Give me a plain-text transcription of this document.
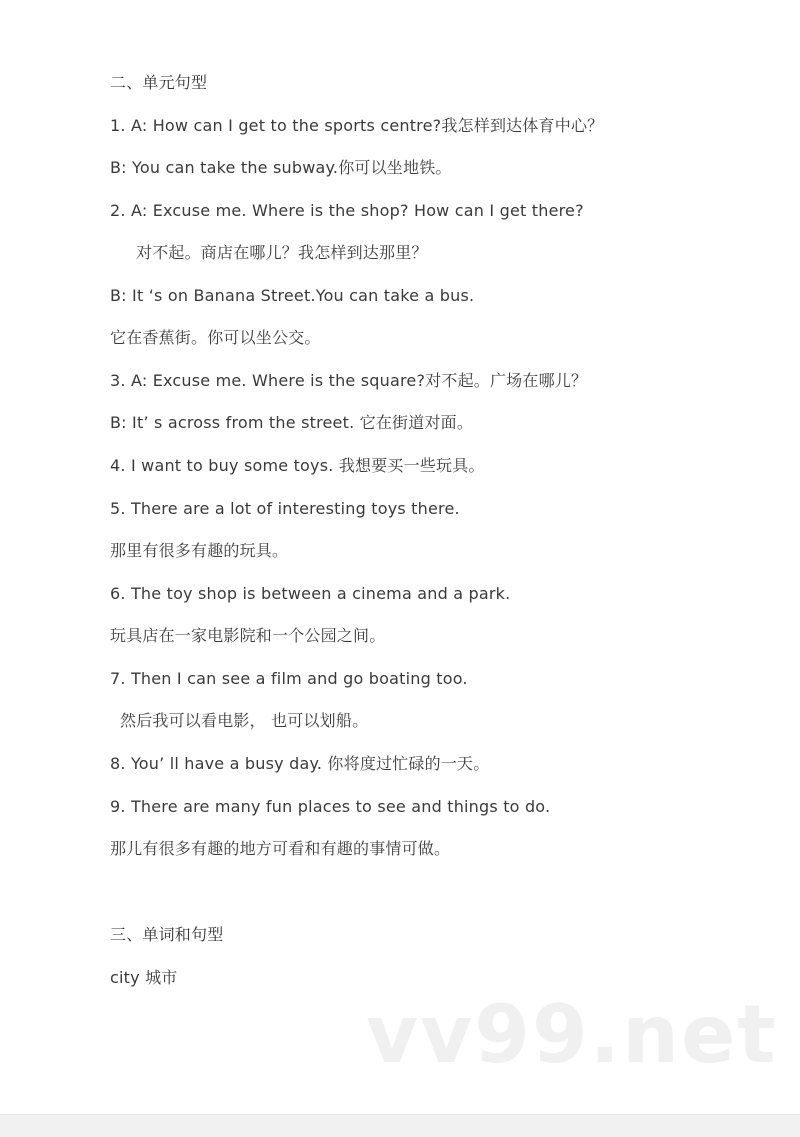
二、单元句型
1. A: How can I get to the sports centre?我怎样到达体育中心？
B: You can take the subway.你可以坐地铁。
2. A: Excuse me. Where is the shop? How can I get there?
对不起。商店在哪儿？我怎样到达那里？
B: It ‘s on Banana Street.You can take a bus.
它在香蕉街。你可以坐公交。
3. A: Excuse me. Where is the square?对不起。广场在哪儿？
B: It’ s across from the street. 它在街道对面。
4. I want to buy some toys. 我想要买一些玩具。
5. There are a lot of interesting toys there.
那里有很多有趣的玩具。
6. The toy shop is between a cinema and a park.
玩具店在一家电影院和一个公园之间。
7. Then I can see a film and go boating too.
然后我可以看电影， 也可以划船。
8. You’ ll have a busy day. 你将度过忙碌的一天。
9. There are many fun places to see and things to do.
那儿有很多有趣的地方可看和有趣的事情可做。
三、单词和句型
city 城市
vv99.net
